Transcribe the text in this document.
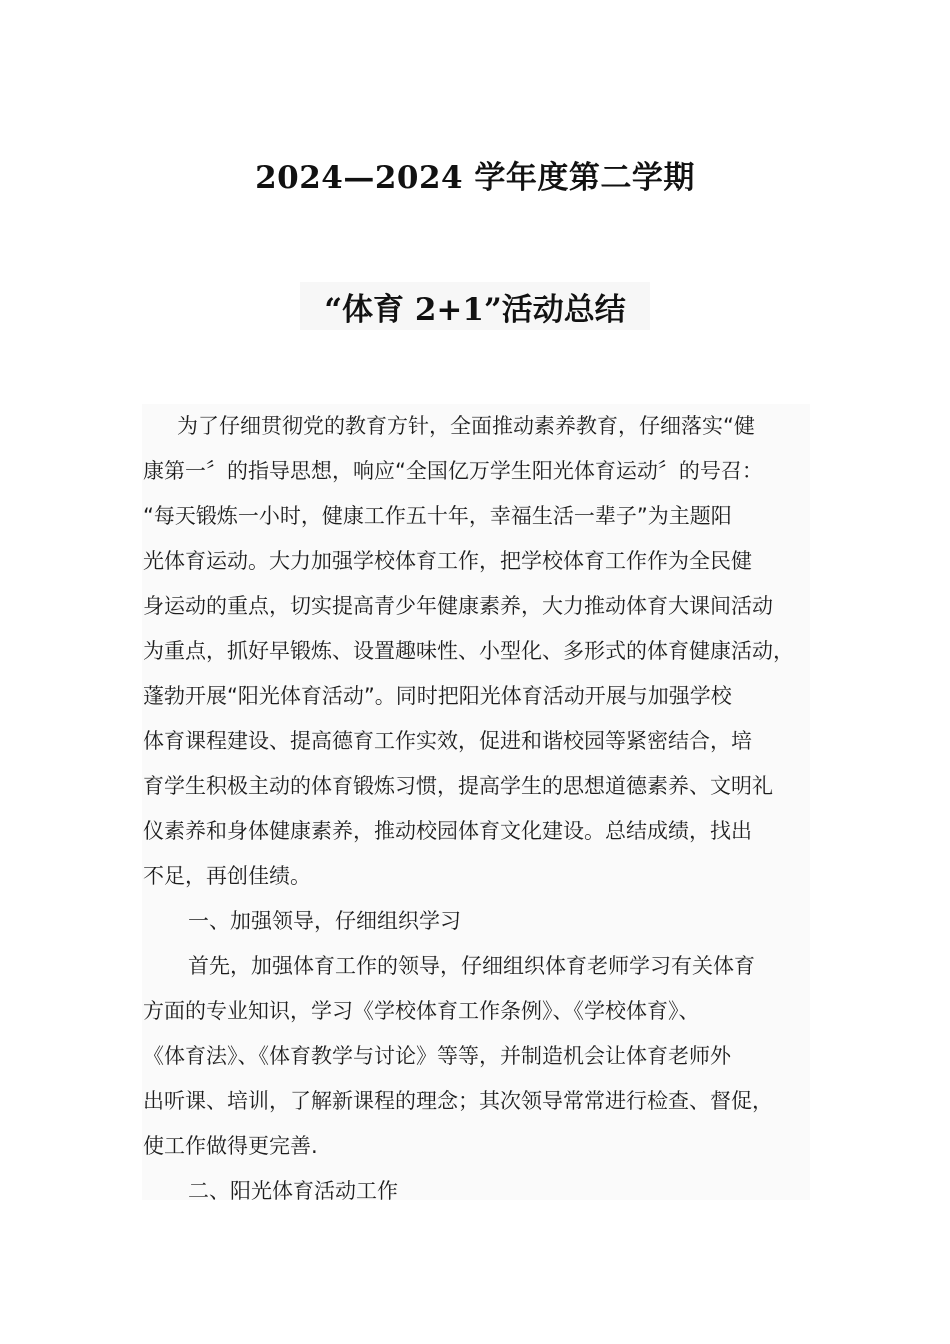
2024—2024 学年度第二学期
“体育 2+1”活动总结
为了仔细贯彻党的教育方针，全面推动素养教育，仔细落实“健
康第一〞的指导思想，响应“全国亿万学生阳光体育运动〞的号召：
“每天锻炼一小时，健康工作五十年，幸福生活一辈子”为主题阳
光体育运动。大力加强学校体育工作，把学校体育工作作为全民健
身运动的重点，切实提高青少年健康素养，大力推动体育大课间活动
为重点，抓好早锻炼、设置趣味性、小型化、多形式的体育健康活动，
蓬勃开展“阳光体育活动”。同时把阳光体育活动开展与加强学校
体育课程建设、提高德育工作实效，促进和谐校园等紧密结合，培
育学生积极主动的体育锻炼习惯，提高学生的思想道德素养、文明礼
仪素养和身体健康素养，推动校园体育文化建设。总结成绩，找出
不足，再创佳绩。
一、加强领导，仔细组织学习
首先，加强体育工作的领导，仔细组织体育老师学习有关体育
方面的专业知识，学习《学校体育工作条例》、《学校体育》、
《体育法》、《体育教学与讨论》等等，并制造机会让体育老师外
出听课、培训，了解新课程的理念；其次领导常常进行检查、督促，
使工作做得更完善.
二、阳光体育活动工作
